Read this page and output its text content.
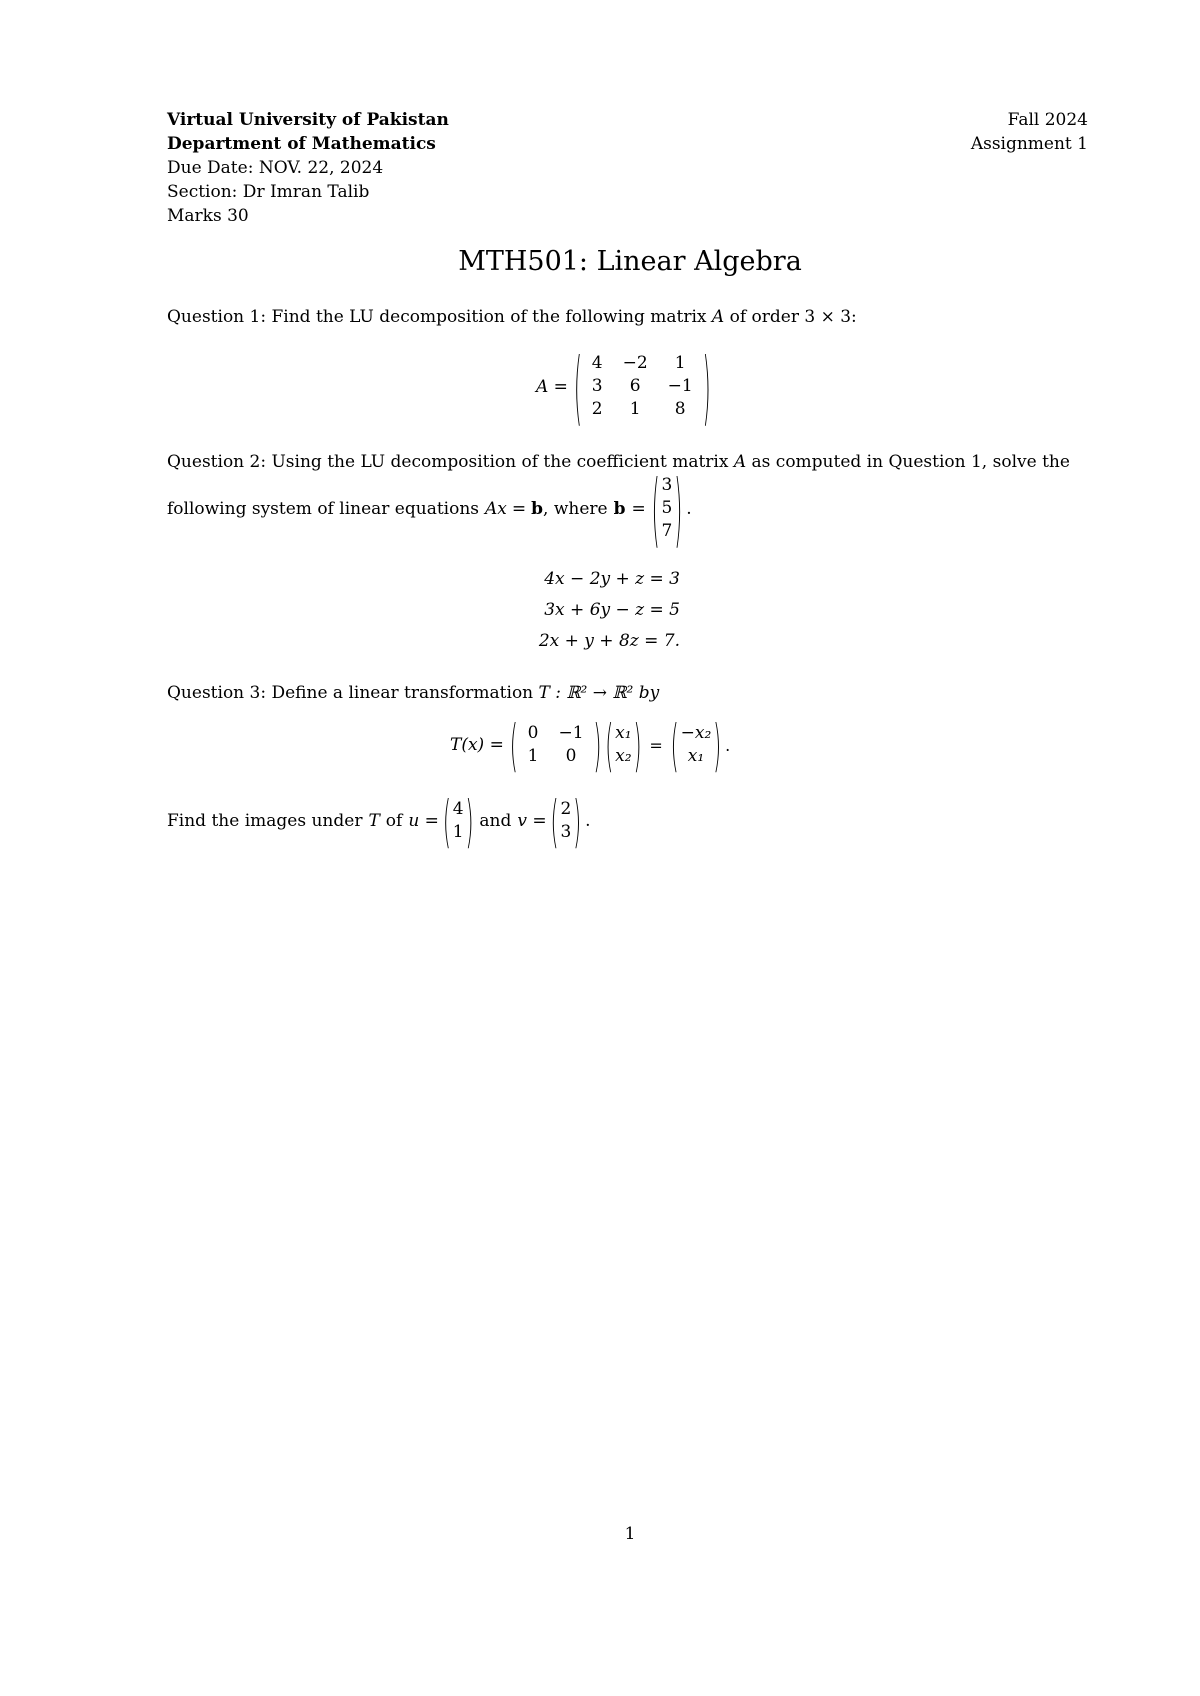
Virtual University of Pakistan
Department of Mathematics
Due Date: NOV. 22, 2024
Section: Dr Imran Talib
Marks 30
Fall 2024
Assignment 1
MTH501: Linear Algebra
Question 1: Find the LU decomposition of the following matrix A of order 3 × 3:
A = ( 4	−2	1
3	6	−1
2	1	8 )
Question 2: Using the LU decomposition of the coefficient matrix A as computed in Question 1, solve the
following system of linear equations Ax = b , where b = ( 3
5
7 ) .
4x − 2y + z = 3
3x + 6y − z = 5
2x + y + 8z = 7.
Question 3: Define a linear transformation T : ℝ² → ℝ² by
T(x) = ( 0	−1
1	0 ) ( x₁
x₂ ) = ( −x₂
x₁ ) .
Find the images under T of u = ( 4
1 ) and v = ( 2
3 ) .
1
